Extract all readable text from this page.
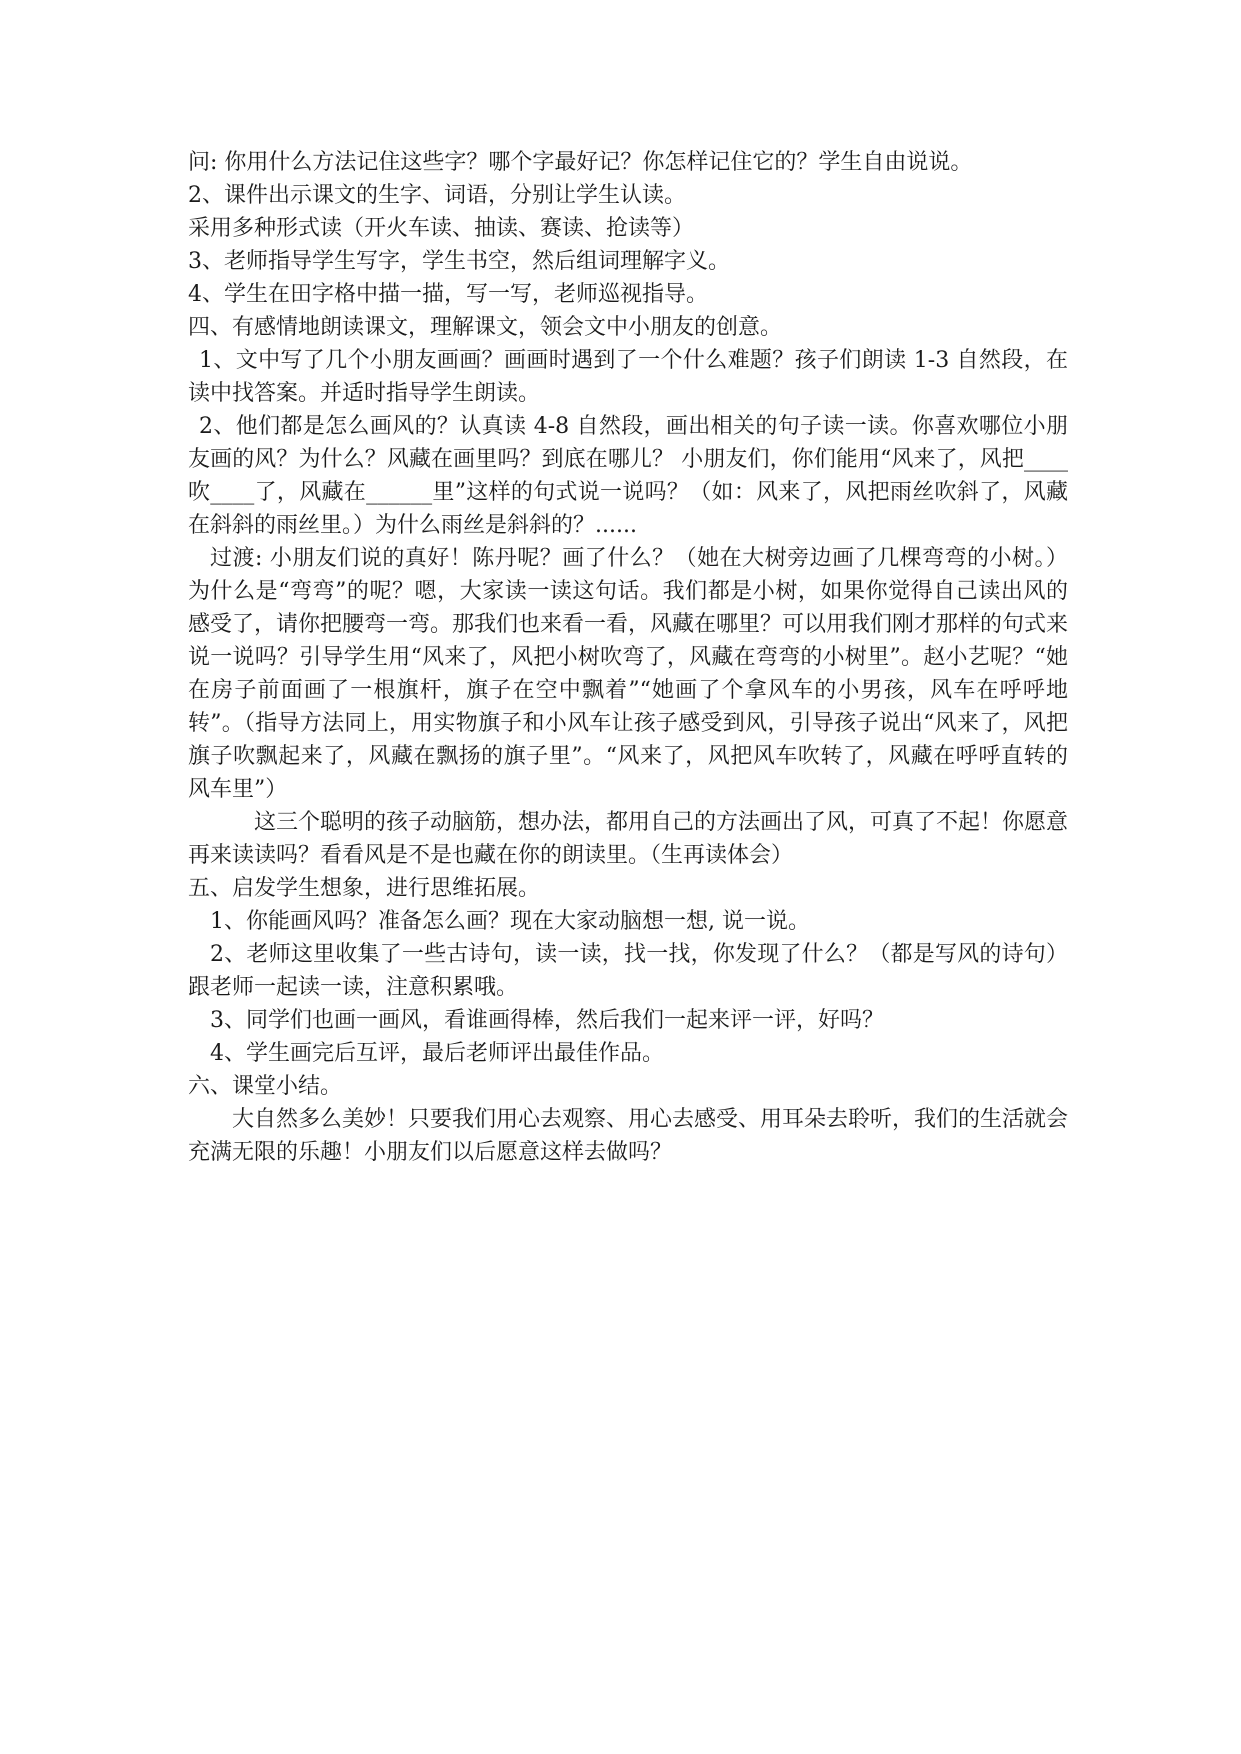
问: 你用什么方法记住这些字？哪个字最好记？你怎样记住它的？学生自由说说。

2、课件出示课文的生字、词语，分别让学生认读。

采用多种形式读（开火车读、抽读、赛读、抢读等）

3、老师指导学生写字，学生书空，然后组词理解字义。

4、学生在田字格中描一描，写一写，老师巡视指导。

四、有感情地朗读课文，理解课文，领会文中小朋友的创意。

1、文中写了几个小朋友画画？画画时遇到了一个什么难题？孩子们朗读 1-3 自然段，在读中找答案。并适时指导学生朗读。

2、他们都是怎么画风的？认真读 4-8 自然段，画出相关的句子读一读。你喜欢哪位小朋友画的风？为什么？风藏在画里吗？到底在哪儿？ 小朋友们，你们能用“风来了，风把____吹____了，风藏在______里”这样的句式说一说吗？（如：风来了，风把雨丝吹斜了，风藏在斜斜的雨丝里。）为什么雨丝是斜斜的？......

过渡: 小朋友们说的真好！陈丹呢？画了什么？（她在大树旁边画了几棵弯弯的小树。）为什么是“弯弯”的呢？嗯，大家读一读这句话。我们都是小树，如果你觉得自己读出风的感受了，请你把腰弯一弯。那我们也来看一看，风藏在哪里？可以用我们刚才那样的句式来说一说吗？引导学生用“风来了，风把小树吹弯了，风藏在弯弯的小树里”。赵小艺呢？“她在房子前面画了一根旗杆，旗子在空中飘着”“她画了个拿风车的小男孩，风车在呼呼地转”。（指导方法同上，用实物旗子和小风车让孩子感受到风，引导孩子说出“风来了，风把旗子吹飘起来了，风藏在飘扬的旗子里”。“风来了，风把风车吹转了，风藏在呼呼直转的风车里”）

这三个聪明的孩子动脑筋，想办法，都用自己的方法画出了风，可真了不起！你愿意再来读读吗？看看风是不是也藏在你的朗读里。（生再读体会）

五、启发学生想象，进行思维拓展。

1、你能画风吗？准备怎么画？现在大家动脑想一想, 说一说。

2、老师这里收集了一些古诗句，读一读，找一找，你发现了什么？（都是写风的诗句）跟老师一起读一读，注意积累哦。

3、同学们也画一画风，看谁画得棒，然后我们一起来评一评，好吗？

4、学生画完后互评，最后老师评出最佳作品。

六、课堂小结。

大自然多么美妙！只要我们用心去观察、用心去感受、用耳朵去聆听，我们的生活就会充满无限的乐趣！小朋友们以后愿意这样去做吗？
